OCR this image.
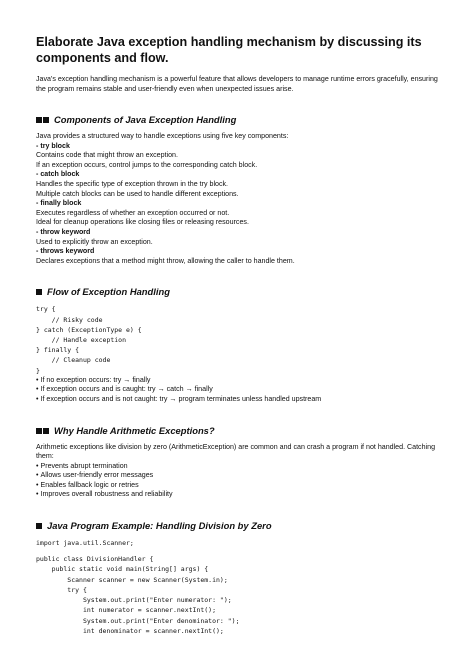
Elaborate Java exception handling mechanism by discussing its components and flow.

Java's exception handling mechanism is a powerful feature that allows developers to manage runtime errors gracefully, ensuring the program remains stable and user-friendly even when unexpected issues arise.

Components of Java Exception Handling
Java provides a structured way to handle exceptions using five key components:
- try block
Contains code that might throw an exception.
If an exception occurs, control jumps to the corresponding catch block.
- catch block
Handles the specific type of exception thrown in the try block.
Multiple catch blocks can be used to handle different exceptions.
- finally block
Executes regardless of whether an exception occurred or not.
Ideal for cleanup operations like closing files or releasing resources.
- throw keyword
Used to explicitly throw an exception.
- throws keyword
Declares exceptions that a method might throw, allowing the caller to handle them.
Flow of Exception Handling
try {
// Risky code
} catch (ExceptionType e) {
// Handle exception
} finally {
// Cleanup code
}
• If no exception occurs: try → finally
• If exception occurs and is caught: try → catch → finally
• If exception occurs and is not caught: try → program terminates unless handled upstream
Why Handle Arithmetic Exceptions?
Arithmetic exceptions like division by zero (ArithmeticException) are common and can crash a program if not handled. Catching them:
• Prevents abrupt termination
• Allows user-friendly error messages
• Enables fallback logic or retries
• Improves overall robustness and reliability
Java Program Example: Handling Division by Zero
import java.util.Scanner;
public class DivisionHandler {
public static void main(String[] args) {
Scanner scanner = new Scanner(System.in);
try {
System.out.print("Enter numerator: ");
int numerator = scanner.nextInt();
System.out.print("Enter denominator: ");
int denominator = scanner.nextInt();
